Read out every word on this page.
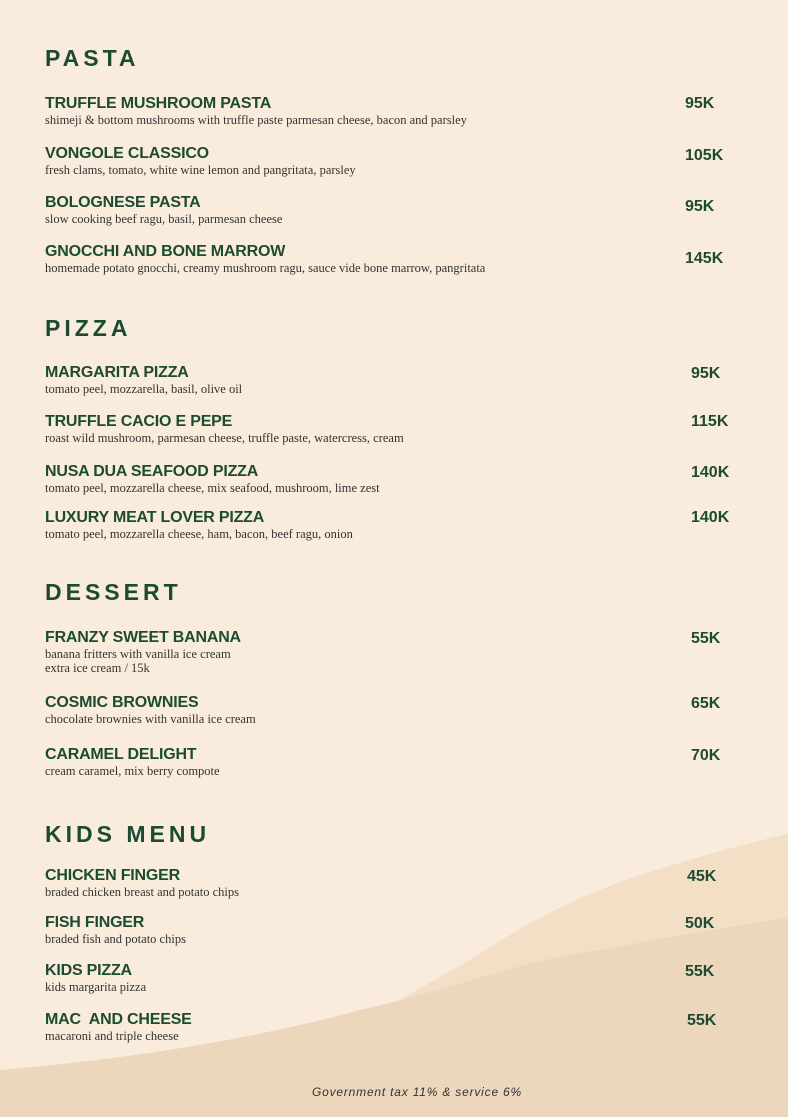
PASTA
TRUFFLE MUSHROOM PASTA
shimeji & bottom mushrooms with truffle paste parmesan cheese, bacon and parsley
95K
VONGOLE CLASSICO
fresh clams, tomato, white wine lemon and pangritata, parsley
105K
BOLOGNESE PASTA
slow cooking beef ragu, basil, parmesan cheese
95K
GNOCCHI AND BONE MARROW
homemade potato gnocchi, creamy mushroom ragu, sauce vide bone marrow, pangritata
145K
PIZZA
MARGARITA PIZZA
tomato peel, mozzarella, basil, olive oil
95K
TRUFFLE CACIO E PEPE
roast wild mushroom, parmesan cheese, truffle paste, watercress, cream
115K
NUSA DUA SEAFOOD PIZZA
tomato peel, mozzarella cheese, mix seafood, mushroom, lime zest
140K
LUXURY MEAT LOVER PIZZA
tomato peel, mozzarella cheese, ham, bacon, beef ragu, onion
140K
DESSERT
FRANZY SWEET BANANA
banana fritters with vanilla ice cream
extra ice cream / 15k
55K
COSMIC BROWNIES
chocolate brownies with vanilla ice cream
65K
CARAMEL DELIGHT
cream caramel, mix berry compote
70K
KIDS MENU
CHICKEN FINGER
braded chicken breast and potato chips
45K
FISH FINGER
braded fish and potato chips
50K
KIDS PIZZA
kids margarita pizza
55K
MAC  AND CHEESE
macaroni and triple cheese
55K
Government tax 11% & service 6%
